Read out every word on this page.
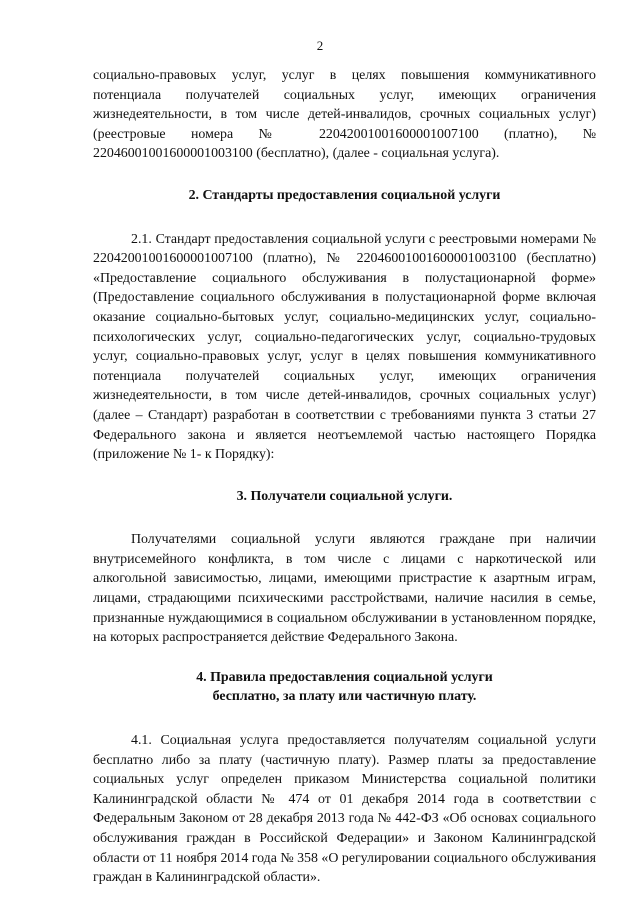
2

социально-правовых услуг, услуг в целях повышения коммуникативного потенциала получателей социальных услуг, имеющих ограничения жизнедеятельности, в том числе детей-инвалидов, срочных социальных услуг) (реестровые номера № 22042001001600001007100 (платно), № 22046001001600001003100 (бесплатно), (далее - социальная услуга).

2. Стандарты предоставления социальной услуги

2.1. Стандарт предоставления социальной услуги с реестровыми номерами № 22042001001600001007100 (платно), № 22046001001600001003100 (бесплатно) «Предоставление социального обслуживания в полустационарной форме» (Предоставление социального обслуживания в полустационарной форме включая оказание социально-бытовых услуг, социально-медицинских услуг, социально-психологических услуг, социально-педагогических услуг, социально-трудовых услуг, социально-правовых услуг, услуг в целях повышения коммуникативного потенциала получателей социальных услуг, имеющих ограничения жизнедеятельности, в том числе детей-инвалидов, срочных социальных услуг) (далее – Стандарт) разработан в соответствии с требованиями пункта 3 статьи 27 Федерального закона и является неотъемлемой частью настоящего Порядка (приложение № 1- к Порядку):

3. Получатели социальной услуги.

Получателями социальной услуги являются граждане при наличии внутрисемейного конфликта, в том числе с лицами с наркотической или алкогольной зависимостью, лицами, имеющими пристрастие к азартным играм, лицами, страдающими психическими расстройствами, наличие насилия в семье, признанные нуждающимися в социальном обслуживании в установленном порядке, на которых распространяется действие Федерального Закона.

4. Правила предоставления социальной услуги
бесплатно, за плату или частичную плату.

4.1. Социальная услуга предоставляется получателям социальной услуги бесплатно либо за плату (частичную плату). Размер платы за предоставление социальных услуг определен приказом Министерства социальной политики Калининградской области № 474 от 01 декабря 2014 года в соответствии с Федеральным Законом от 28 декабря 2013 года № 442-ФЗ «Об основах социального обслуживания граждан в Российской Федерации» и Законом Калининградской области от 11 ноября 2014 года № 358 «О регулировании социального обслуживания граждан в Калининградской области».
